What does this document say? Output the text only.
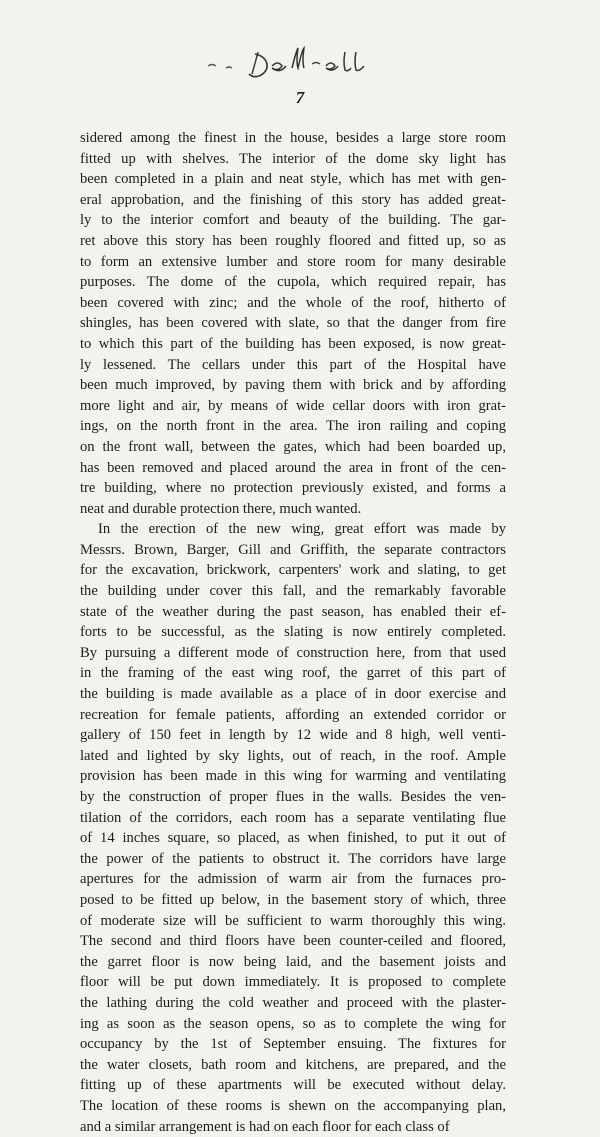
7
sidered among the finest in the house, besides a large store room
fitted up with shelves. The interior of the dome sky light has
been completed in a plain and neat style, which has met with gen-
eral approbation, and the finishing of this story has added great-
ly to the interior comfort and beauty of the building. The gar-
ret above this story has been roughly floored and fitted up, so as
to form an extensive lumber and store room for many desirable
purposes. The dome of the cupola, which required repair, has
been covered with zinc; and the whole of the roof, hitherto of
shingles, has been covered with slate, so that the danger from fire
to which this part of the building has been exposed, is now great-
ly lessened. The cellars under this part of the Hospital have
been much improved, by paving them with brick and by affording
more light and air, by means of wide cellar doors with iron grat-
ings, on the north front in the area. The iron railing and coping
on the front wall, between the gates, which had been boarded up,
has been removed and placed around the area in front of the cen-
tre building, where no protection previously existed, and forms a
neat and durable protection there, much wanted.
In the erection of the new wing, great effort was made by
Messrs. Brown, Barger, Gill and Griffith, the separate contractors
for the excavation, brickwork, carpenters' work and slating, to get
the building under cover this fall, and the remarkably favorable
state of the weather during the past season, has enabled their ef-
forts to be successful, as the slating is now entirely completed.
By pursuing a different mode of construction here, from that used
in the framing of the east wing roof, the garret of this part of
the building is made available as a place of in door exercise and
recreation for female patients, affording an extended corridor or
gallery of 150 feet in length by 12 wide and 8 high, well venti-
lated and lighted by sky lights, out of reach, in the roof. Ample
provision has been made in this wing for warming and ventilating
by the construction of proper flues in the walls. Besides the ven-
tilation of the corridors, each room has a separate ventilating flue
of 14 inches square, so placed, as when finished, to put it out of
the power of the patients to obstruct it. The corridors have large
apertures for the admission of warm air from the furnaces pro-
posed to be fitted up below, in the basement story of which, three
of moderate size will be sufficient to warm thoroughly this wing.
The second and third floors have been counter-ceiled and floored,
the garret floor is now being laid, and the basement joists and
floor will be put down immediately. It is proposed to complete
the lathing during the cold weather and proceed with the plaster-
ing as soon as the season opens, so as to complete the wing for
occupancy by the 1st of September ensuing. The fixtures for
the water closets, bath room and kitchens, are prepared, and the
fitting up of these apartments will be executed without delay.
The location of these rooms is shewn on the accompanying plan,
and a similar arrangement is had on each floor for each class of
